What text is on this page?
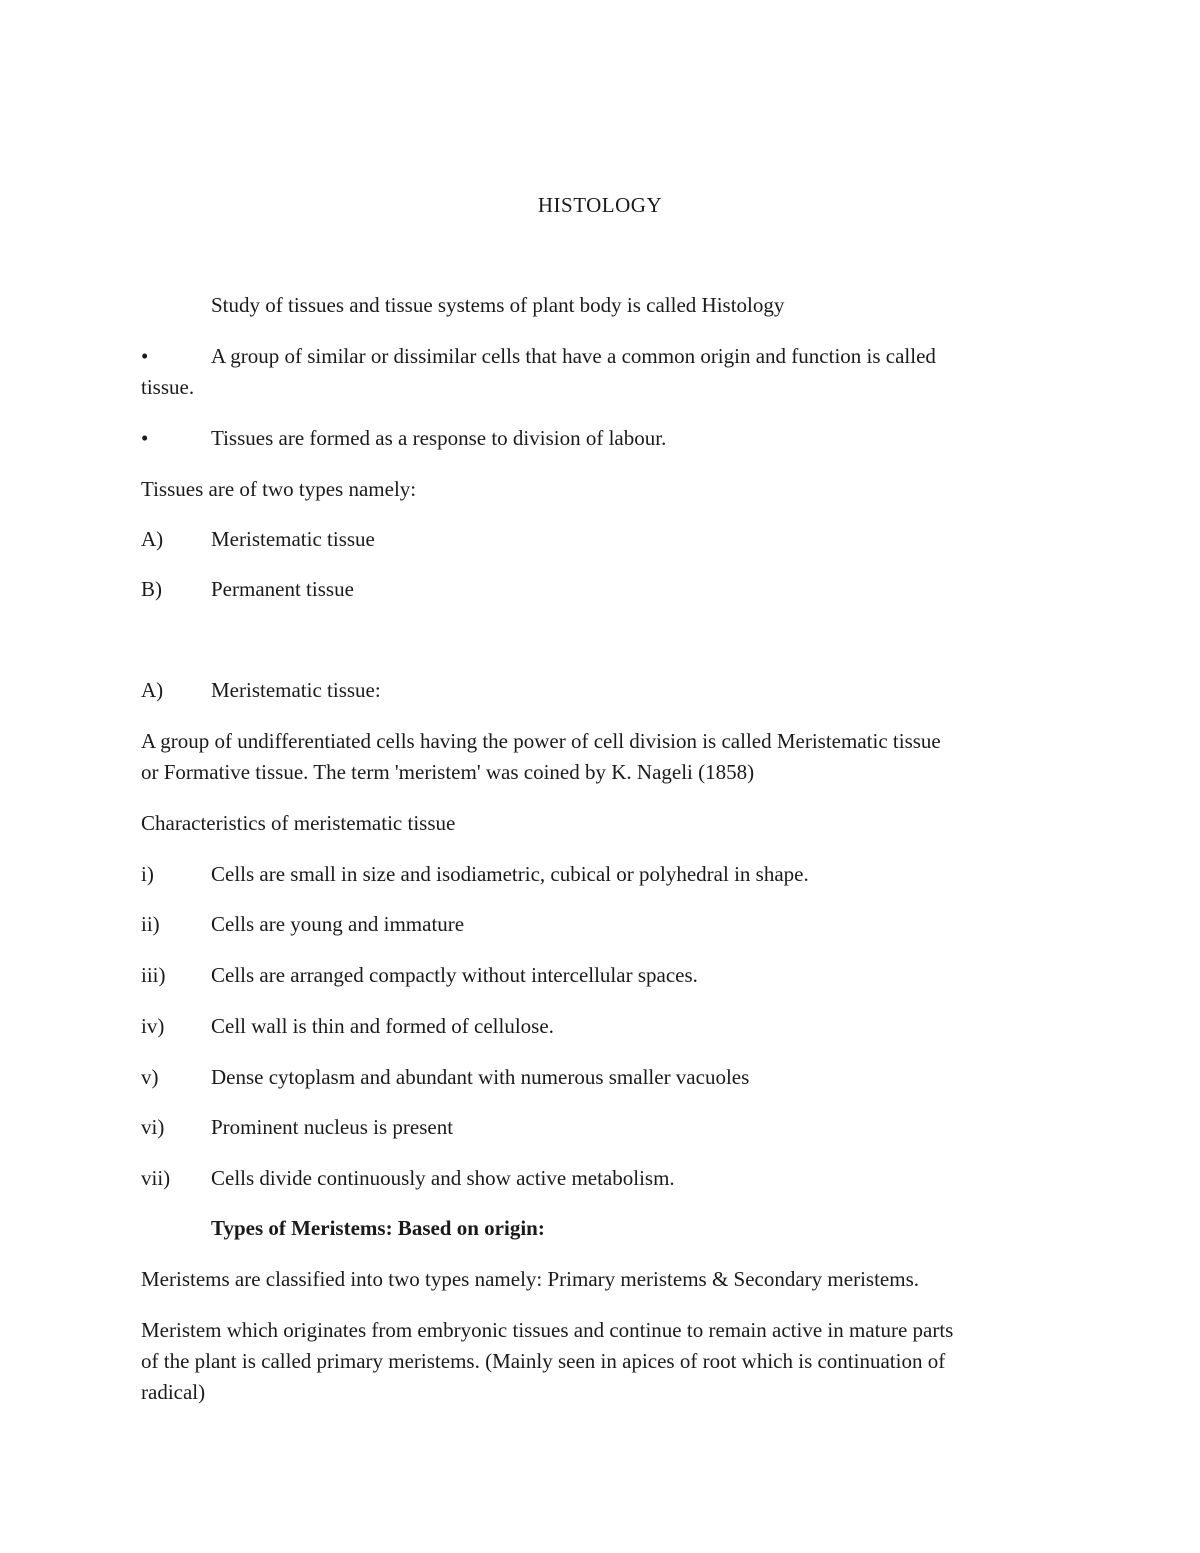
HISTOLOGY
Study of tissues and tissue systems of plant body is called Histology
•	A group of similar or dissimilar cells that have a common origin and function is called
tissue.
•	Tissues are formed as a response to division of labour.
Tissues are of two types namely:
A) Meristematic tissue
B) Permanent tissue
A) Meristematic tissue:
A group of undifferentiated cells having the power of cell division is called Meristematic tissue
or Formative tissue. The term 'meristem' was coined by K. Nageli (1858)
Characteristics of meristematic tissue
i)	Cells are small in size and isodiametric, cubical or polyhedral in shape.
ii) Cells are young and immature
iii) Cells are arranged compactly without intercellular spaces.
iv) Cell wall is thin and formed of cellulose.
v)	Dense cytoplasm and abundant with numerous smaller vacuoles
vi) Prominent nucleus is present
vii) Cells divide continuously and show active metabolism.
Types of Meristems: Based on origin:
Meristems are classified into two types namely: Primary meristems & Secondary meristems.
Meristem which originates from embryonic tissues and continue to remain active in mature parts
of the plant is called primary meristems. (Mainly seen in apices of root which is continuation of
radical)
